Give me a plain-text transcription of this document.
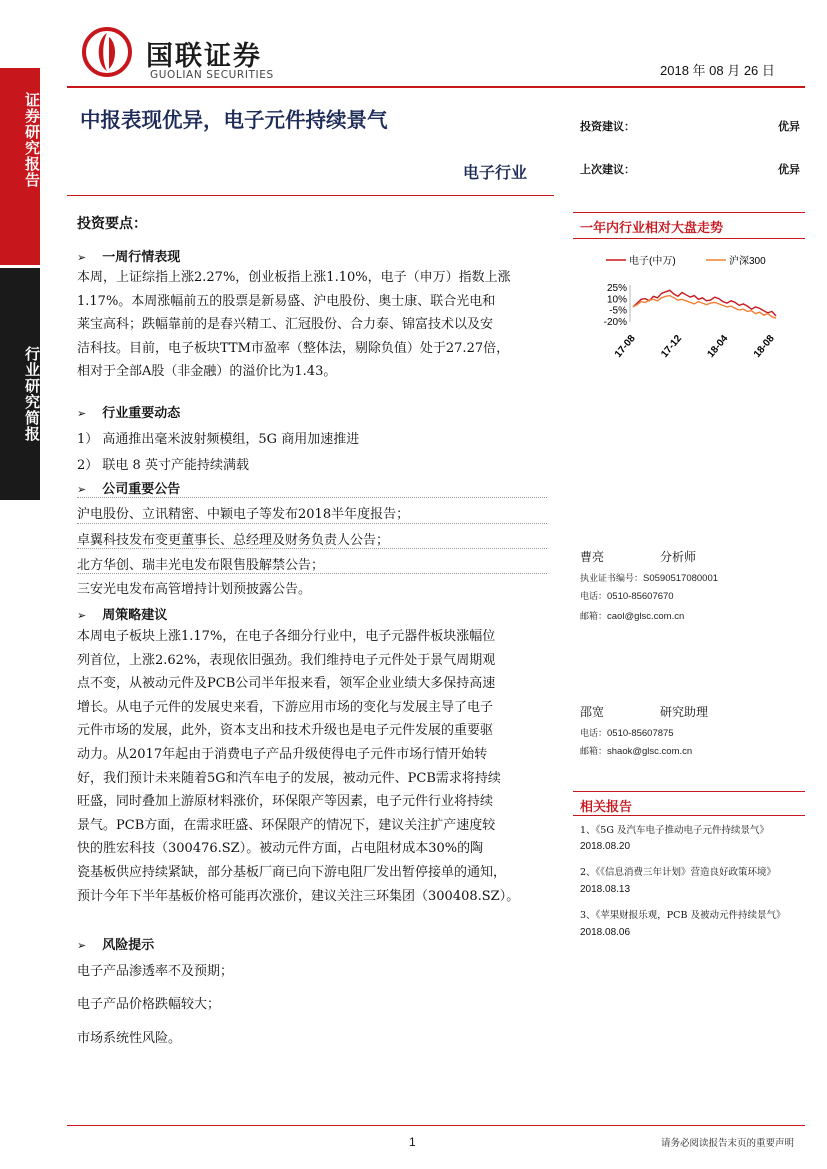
证券研究报告
行业研究简报
国联证券
GUOLIAN SECURITIES	2018 年 08 月 26 日
中报表现优异，电子元件持续景气
电子行业
投资建议：	优异
上次建议：	优异
一年内行业相对大盘走势
电子(中万)	沪深300
25%
10%
-5%
-20%
17-08 17-12 18-04 18-08
投资要点：
➢ 一周行情表现
本周，上证综指上涨2.27%，创业板指上涨1.10%，电子（申万）指数上涨
1.17%。本周涨幅前五的股票是新易盛、沪电股份、奥士康、联合光电和
莱宝高科；跌幅靠前的是春兴精工、汇冠股份、合力泰、锦富技术以及安
洁科技。目前，电子板块TTM市盈率（整体法，剔除负值）处于27.27倍，
相对于全部A股（非金融）的溢价比为1.43。
➢ 行业重要动态
1） 高通推出毫米波射频模组，5G 商用加速推进
2） 联电 8 英寸产能持续满载
➢ 公司重要公告
沪电股份、立讯精密、中颖电子等发布2018半年度报告；
卓翼科技发布变更董事长、总经理及财务负责人公告；
北方华创、瑞丰光电发布限售股解禁公告；
三安光电发布高管增持计划预披露公告。
➢ 周策略建议
本周电子板块上涨1.17%，在电子各细分行业中，电子元器件板块涨幅位
列首位，上涨2.62%，表现依旧强劲。我们维持电子元件处于景气周期观
点不变，从被动元件及PCB公司半年报来看，领军企业业绩大多保持高速
增长。从电子元件的发展史来看，下游应用市场的变化与发展主导了电子
元件市场的发展，此外，资本支出和技术升级也是电子元件发展的重要驱
动力。从2017年起由于消费电子产品升级使得电子元件市场行情开始转
好，我们预计未来随着5G和汽车电子的发展，被动元件、PCB需求将持续
旺盛，同时叠加上游原材料涨价，环保限产等因素，电子元件行业将持续
景气。PCB方面，在需求旺盛、环保限产的情况下，建议关注扩产速度较
快的胜宏科技（300476.SZ）。被动元件方面，占电阻材成本30%的陶
瓷基板供应持续紧缺，部分基板厂商已向下游电阻厂发出暂停接单的通知，
预计今年下半年基板价格可能再次涨价，建议关注三环集团（300408.SZ）。
➢ 风险提示
电子产品渗透率不及预期；
电子产品价格跌幅较大；
市场系统性风险。
曹亮	分析师
执业证书编号：S0590517080001
电话：0510-85607670
邮箱：caol@glsc.com.cn
邵宽	研究助理
电话：0510-85607875
邮箱：shaok@glsc.com.cn
相关报告
1、《5G 及汽车电子推动电子元件持续景气》
2018.08.20
2、《《信息消费三年计划》营造良好政策环境》
2018.08.13
3、《苹果财报乐观，PCB 及被动元件持续景气》
2018.08.06
1	请务必阅读报告末页的重要声明
